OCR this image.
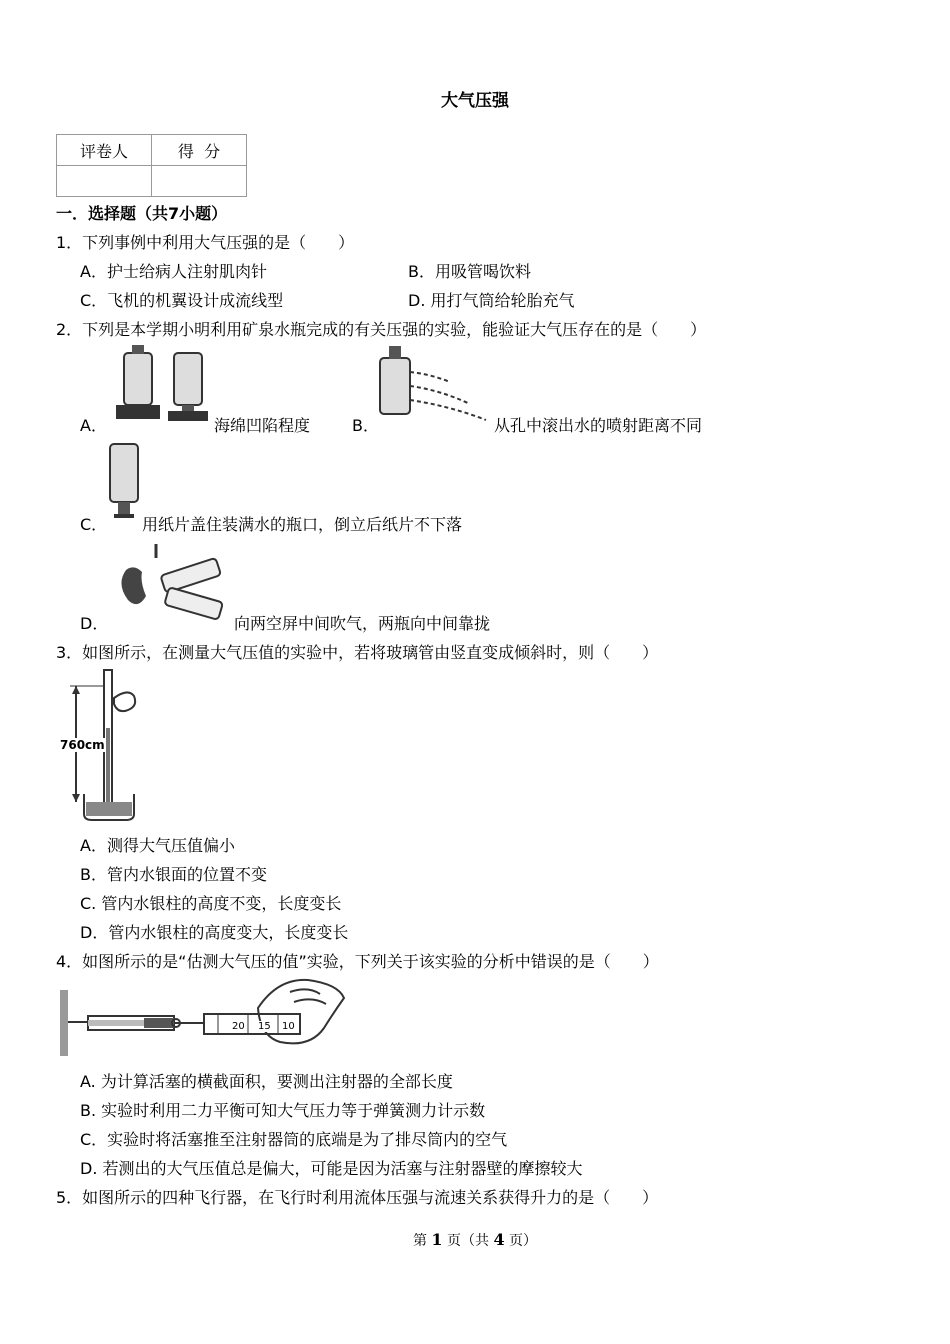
大气压强
评卷人	得  分

一．选择题（共7小题）
1．下列事例中利用大气压强的是（　　）
A．护士给病人注射肌肉针	B．用吸管喝饮料
C．飞机的机翼设计成流线型	D. 用打气筒给轮胎充气
2．下列是本学期小明利用矿泉水瓶完成的有关压强的实验，能验证大气压存在的是（　　）
A．	海绵凹陷程度	B．	从孔中滚出水的喷射距离不同
C． 用纸片盖住装满水的瓶口，倒立后纸片不下落
D．	向两空屏中间吹气，两瓶向中间靠拢
3．如图所示，在测量大气压值的实验中，若将玻璃管由竖直变成倾斜时，则（　　）
760cm
A．测得大气压值偏小
B．管内水银面的位置不变
C. 管内水银柱的高度不变，长度变长
D．管内水银柱的高度变大，长度变长
4．如图所示的是“估测大气压的值”实验，下列关于该实验的分析中错误的是（　　）
20 15 10
A. 为计算活塞的横截面积，要测出注射器的全部长度
B. 实验时利用二力平衡可知大气压力等于弹簧测力计示数
C．实验时将活塞推至注射器筒的底端是为了排尽筒内的空气
D. 若测出的大气压值总是偏大，可能是因为活塞与注射器壁的摩擦较大
5．如图所示的四种飞行器，在飞行时利用流体压强与流速关系获得升力的是（　　）
第 1 页（共 4 页）
